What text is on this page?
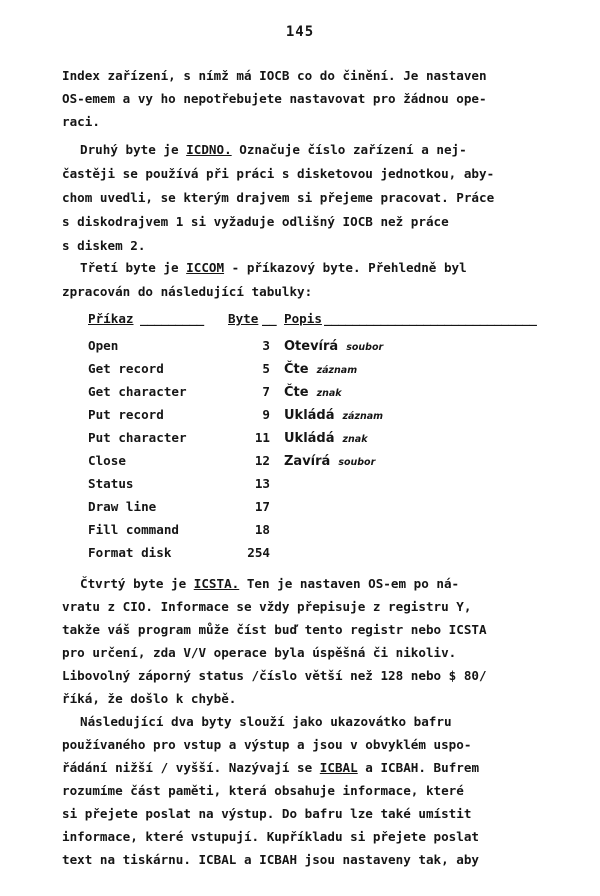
145
Index zařízení, s nímž má IOCB co do činění. Je nastaven
OS-emem a vy ho nepotřebujete nastavovat pro žádnou ope-
raci.
Druhý byte je ICDNO. Označuje číslo zařízení a nej-
častěji se používá při práci s disketovou jednotkou, aby-
chom uvedli, se kterým drajvem si přejeme pracovat. Práce
s diskodrajvem 1 si vyžaduje odlišný IOCB než práce
s diskem 2.
Třetí byte je ICCOM - příkazový byte. Přehledně byl
zpracován do následující tabulky:
Příkaz _________ Byte __ Popis ______________________________
Open	3 Otevírá soubor
Get record	5 Čte záznam
Get character	7 Čte znak
Put record	9 Ukládá záznam
Put character	11 Ukládá znak
Close	12 Zavírá soubor
Status	13
Draw line	17
Fill command	18
Format disk	254
Čtvrtý byte je ICSTA. Ten je nastaven OS-em po ná-
vratu z CIO. Informace se vždy přepisuje z registru Y,
takže váš program může číst buď tento registr nebo ICSTA
pro určení, zda V/V operace byla úspěšná či nikoliv.
Libovolný záporný status /číslo větší než 128 nebo $ 80/
říká, že došlo k chybě.
Následující dva byty slouží jako ukazovátko bafru
používaného pro vstup a výstup a jsou v obvyklém uspo-
řádání nižší / vyšší. Nazývají se ICBAL a ICBAH. Bufrem
rozumíme část paměti, která obsahuje informace, které
si přejete poslat na výstup. Do bafru lze také umístit
informace, které vstupují. Kupříkladu si přejete poslat
text na tiskárnu. ICBAL a ICBAH jsou nastaveny tak, aby
